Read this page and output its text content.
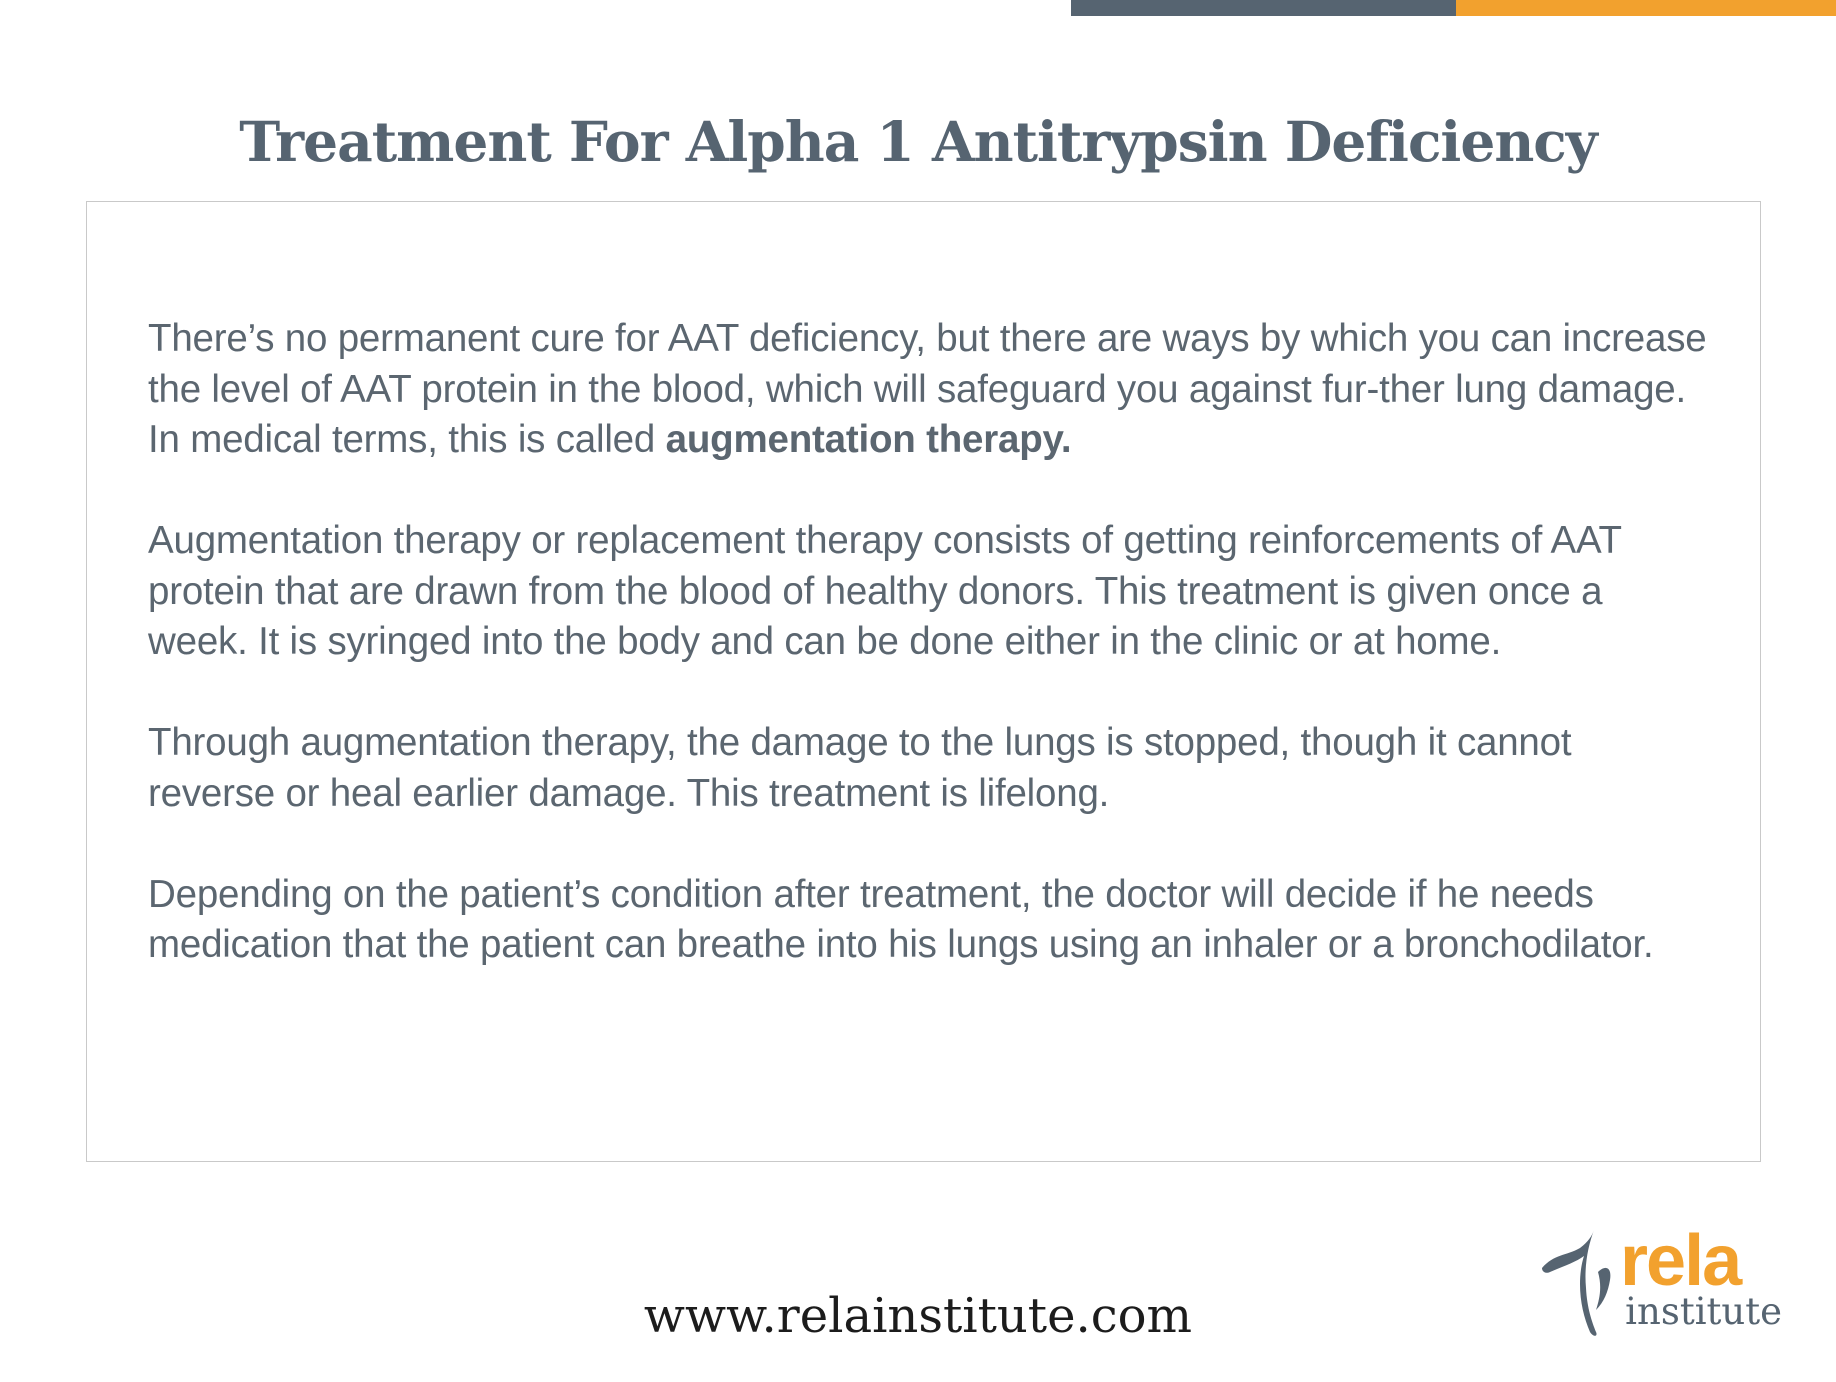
Treatment For Alpha 1 Antitrypsin Deficiency

There’s no permanent cure for AAT deficiency, but there are ways by which you can increase the level of AAT protein in the blood, which will safeguard you against fur-ther lung damage. In medical terms, this is called augmentation therapy.

Augmentation therapy or replacement therapy consists of getting reinforcements of AAT protein that are drawn from the blood of healthy donors. This treatment is given once a week. It is syringed into the body and can be done either in the clinic or at home.

Through augmentation therapy, the damage to the lungs is stopped, though it cannot reverse or heal earlier damage. This treatment is lifelong.

Depending on the patient’s condition after treatment, the doctor will decide if he needs medication that the patient can breathe into his lungs using an inhaler or a bronchodilator.

www.relainstitute.com
rela
institute
